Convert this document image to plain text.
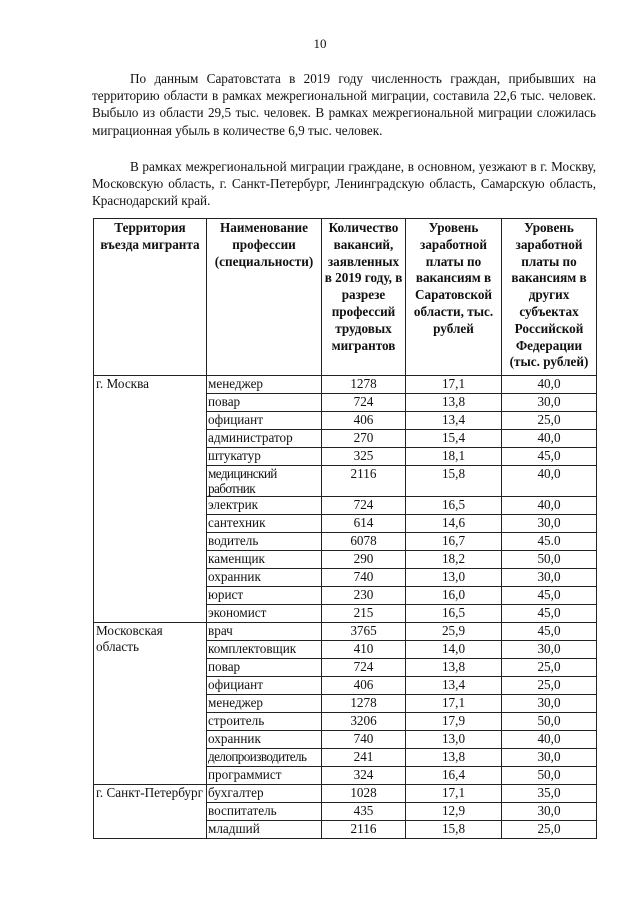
10

По данным Саратовстата в 2019 году численность граждан, прибывших на территорию области в рамках межрегиональной миграции, составила 22,6 тыс. человек. Выбыло из области 29,5 тыс. человек. В рамках межрегиональной миграции сложилась миграционная убыль в количестве 6,9 тыс. человек.

В рамках межрегиональной миграции граждане, в основном, уезжают в г. Москву, Московскую область, г. Санкт-Петербург, Ленинградскую область, Самарскую область, Краснодарский край.

Территория въезда мигранта	Наименование профессии (специальности)	Количество вакансий, заявленных в 2019 году, в разрезе профессий трудовых мигрантов	Уровень заработной платы по вакансиям в Саратовской области, тыс. рублей	Уровень заработной платы по вакансиям в других субъектах Российской Федерации (тыс. рублей)
г. Москва	менеджер	1278	17,1	40,0
	повар	724	13,8	30,0
	официант	406	13,4	25,0
	администратор	270	15,4	40,0
	штукатур	325	18,1	45,0
	медицинский работник	2116	15,8	40,0
	электрик	724	16,5	40,0
	сантехник	614	14,6	30,0
	водитель	6078	16,7	45.0
	каменщик	290	18,2	50,0
	охранник	740	13,0	30,0
	юрист	230	16,0	45,0
	экономист	215	16,5	45,0
Московская область	врач	3765	25,9	45,0
	комплектовщик	410	14,0	30,0
	повар	724	13,8	25,0
	официант	406	13,4	25,0
	менеджер	1278	17,1	30,0
	строитель	3206	17,9	50,0
	охранник	740	13,0	40,0
	делопроизводитель	241	13,8	30,0
	программист	324	16,4	50,0
г. Санкт-Петербург	бухгалтер	1028	17,1	35,0
	воспитатель	435	12,9	30,0
	младший	2116	15,8	25,0
